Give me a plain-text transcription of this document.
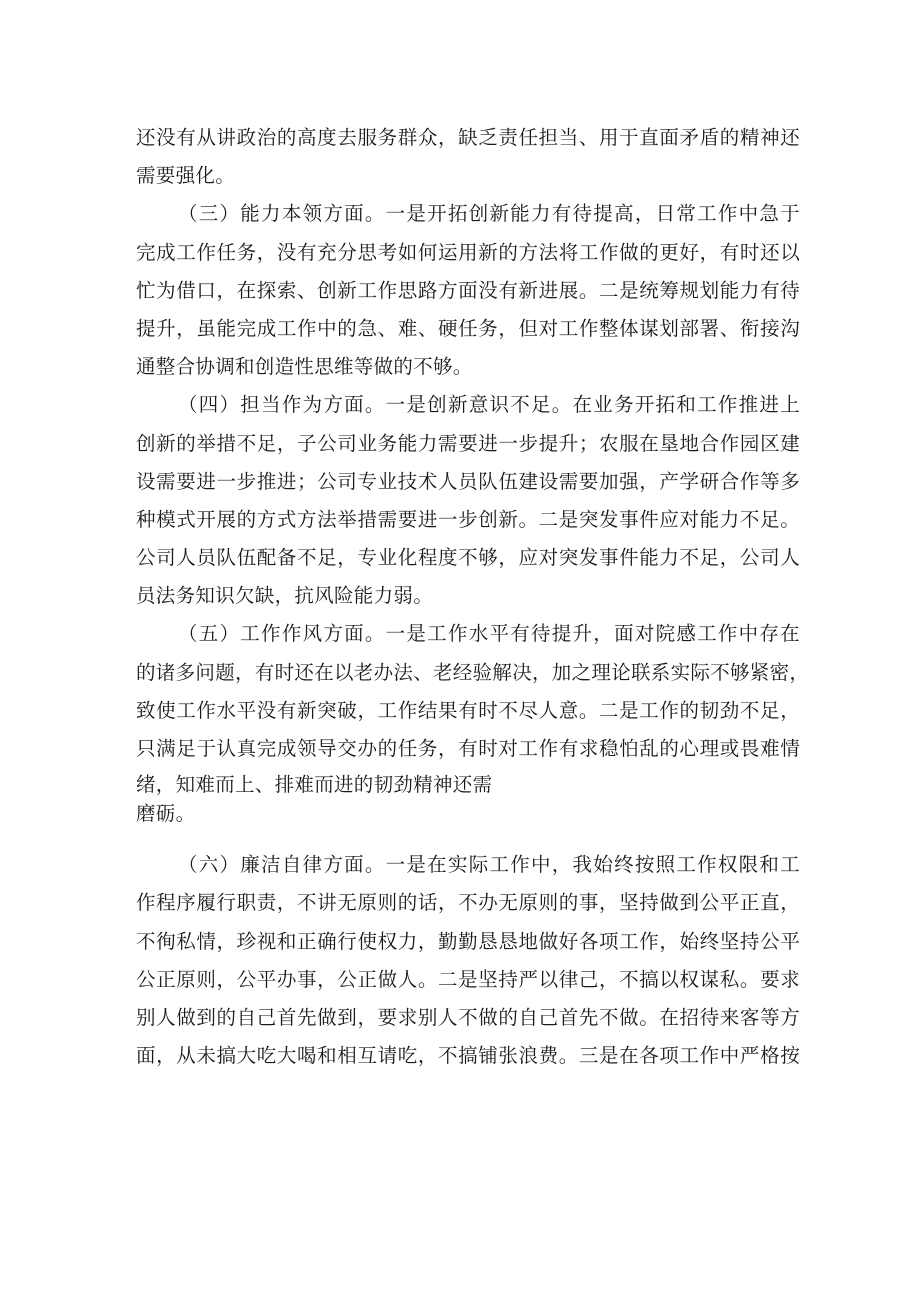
还没有从讲政治的高度去服务群众，缺乏责任担当、用于直面矛盾的精神还
需要强化。
（三）能力本领方面。一是开拓创新能力有待提高，日常工作中急于
完成工作任务，没有充分思考如何运用新的方法将工作做的更好，有时还以
忙为借口，在探索、创新工作思路方面没有新进展。二是统筹规划能力有待
提升，虽能完成工作中的急、难、硬任务，但对工作整体谋划部署、衔接沟
通整合协调和创造性思维等做的不够。
（四）担当作为方面。一是创新意识不足。在业务开拓和工作推进上
创新的举措不足，子公司业务能力需要进一步提升；农服在垦地合作园区建
设需要进一步推进；公司专业技术人员队伍建设需要加强，产学研合作等多
种模式开展的方式方法举措需要进一步创新。二是突发事件应对能力不足。
公司人员队伍配备不足，专业化程度不够，应对突发事件能力不足，公司人
员法务知识欠缺，抗风险能力弱。
（五）工作作风方面。一是工作水平有待提升，面对院感工作中存在
的诸多问题，有时还在以老办法、老经验解决，加之理论联系实际不够紧密，
致使工作水平没有新突破，工作结果有时不尽人意。二是工作的韧劲不足，
只满足于认真完成领导交办的任务，有时对工作有求稳怕乱的心理或畏难情
绪，知难而上、排难而进的韧劲精神还需
磨砺。
（六）廉洁自律方面。一是在实际工作中，我始终按照工作权限和工
作程序履行职责，不讲无原则的话，不办无原则的事，坚持做到公平正直，
不徇私情，珍视和正确行使权力，勤勤恳恳地做好各项工作，始终坚持公平
公正原则，公平办事，公正做人。二是坚持严以律己，不搞以权谋私。要求
别人做到的自己首先做到，要求别人不做的自己首先不做。在招待来客等方
面，从未搞大吃大喝和相互请吃，不搞铺张浪费。三是在各项工作中严格按
